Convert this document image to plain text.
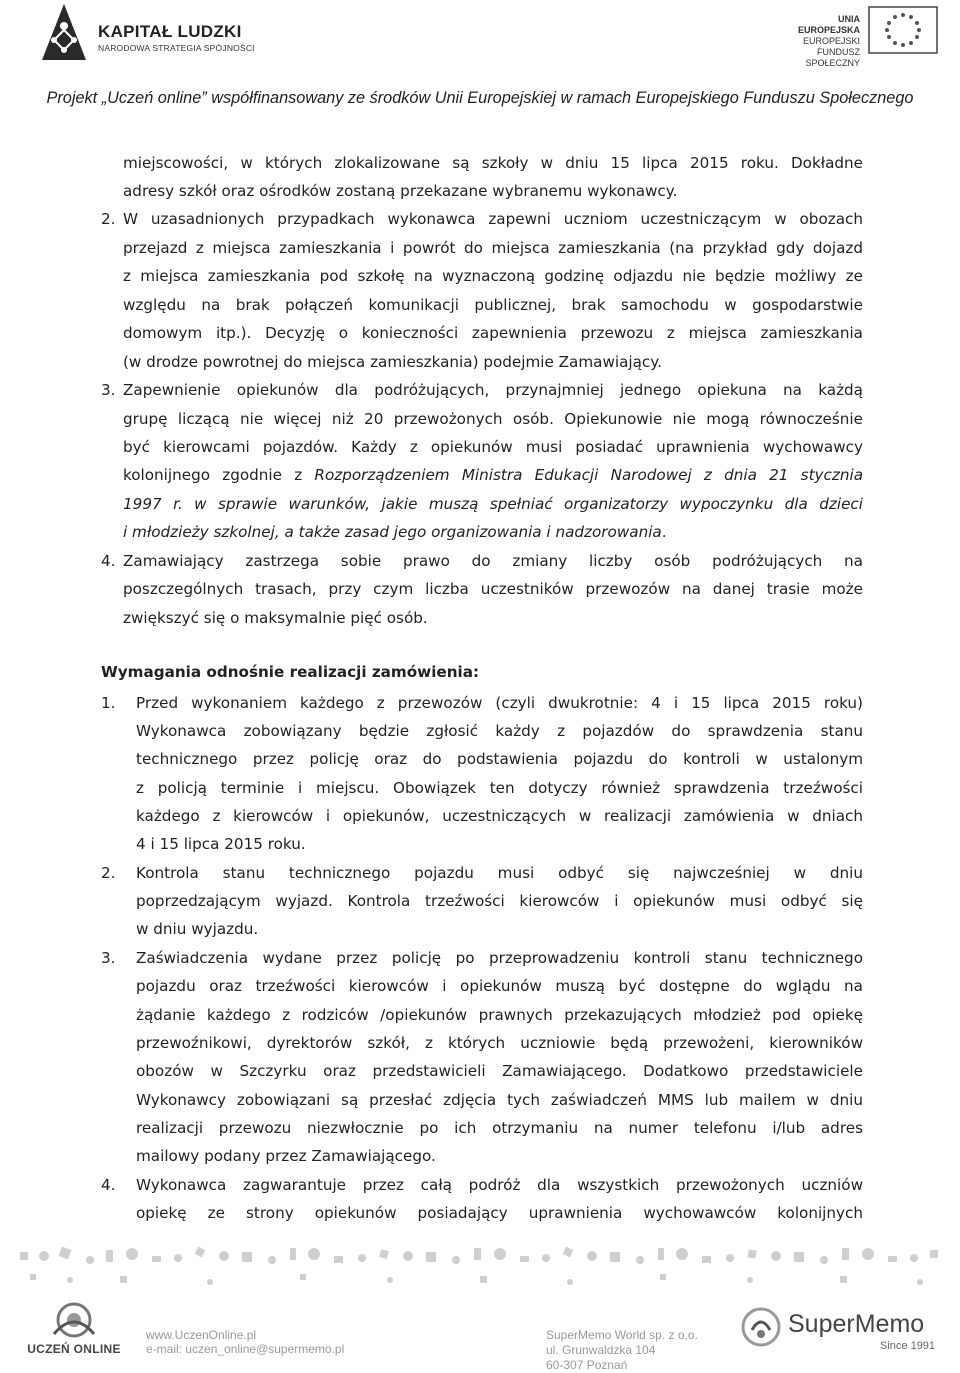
KAPITAŁ LUDZKI
NARODOWA STRATEGIA SPÓJNOŚCI
UNIA EUROPEJSKA
EUROPEJSKI
FUNDUSZ SPOŁECZNY
Projekt „Uczeń online” współfinansowany ze środków Unii Europejskiej w ramach Europejskiego Funduszu Społecznego
miejscowości, w których zlokalizowane są szkoły w dniu 15 lipca 2015 roku. Dokładne
adresy szkół oraz ośrodków zostaną przekazane wybranemu wykonawcy.
2. W uzasadnionych przypadkach wykonawca zapewni uczniom uczestniczącym w obozach
przejazd z miejsca zamieszkania i powrót do miejsca zamieszkania (na przykład gdy dojazd
z miejsca zamieszkania pod szkołę na wyznaczoną godzinę odjazdu nie będzie możliwy ze
względu na brak połączeń komunikacji publicznej, brak samochodu w gospodarstwie
domowym itp.). Decyzję o konieczności zapewnienia przewozu z miejsca zamieszkania
(w drodze powrotnej do miejsca zamieszkania) podejmie Zamawiający.
3. Zapewnienie opiekunów dla podróżujących, przynajmniej jednego opiekuna na każdą
grupę liczącą nie więcej niż 20 przewożonych osób. Opiekunowie nie mogą równocześnie
być kierowcami pojazdów. Każdy z opiekunów musi posiadać uprawnienia wychowawcy
kolonijnego zgodnie z Rozporządzeniem Ministra Edukacji Narodowej z dnia 21 stycznia
1997 r. w sprawie warunków, jakie muszą spełniać organizatorzy wypoczynku dla dzieci
i młodzieży szkolnej, a także zasad jego organizowania i nadzorowania.
4. Zamawiający zastrzega sobie prawo do zmiany liczby osób podróżujących na
poszczególnych trasach, przy czym liczba uczestników przewozów na danej trasie może
zwiększyć się o maksymalnie pięć osób.
Wymagania odnośnie realizacji zamówienia:
1.	Przed wykonaniem każdego z przewozów (czyli dwukrotnie: 4 i 15 lipca 2015 roku)
Wykonawca zobowiązany będzie zgłosić każdy z pojazdów do sprawdzenia stanu
technicznego przez policję oraz do podstawienia pojazdu do kontroli w ustalonym
z policją terminie i miejscu. Obowiązek ten dotyczy również sprawdzenia trzeźwości
każdego z kierowców i opiekunów, uczestniczących w realizacji zamówienia w dniach
4 i 15 lipca 2015 roku.
2.	Kontrola stanu technicznego pojazdu musi odbyć się najwcześniej w dniu
poprzedzającym wyjazd. Kontrola trzeźwości kierowców i opiekunów musi odbyć się
w dniu wyjazdu.
3.	Zaświadczenia wydane przez policję po przeprowadzeniu kontroli stanu technicznego
pojazdu oraz trzeźwości kierowców i opiekunów muszą być dostępne do wglądu na
żądanie każdego z rodziców /opiekunów prawnych przekazujących młodzież pod opiekę
przewoźnikowi, dyrektorów szkół, z których uczniowie będą przewożeni, kierowników
obozów w Szczyrku oraz przedstawicieli Zamawiającego. Dodatkowo przedstawiciele
Wykonawcy zobowiązani są przesłać zdjęcia tych zaświadczeń MMS lub mailem w dniu
realizacji przewozu niezwłocznie po ich otrzymaniu na numer telefonu i/lub adres
mailowy podany przez Zamawiającego.
4.	Wykonawca zagwarantuje przez całą podróż dla wszystkich przewożonych uczniów
opiekę ze strony opiekunów posiadający uprawnienia wychowawców kolonijnych
UCZEŃ ONLINE
www.UczenOnline.pl
e-mail: uczen_online@supermemo.pl
SuperMemo World sp. z o.o.
ul. Grunwaldzka 104
60-307 Poznań
SuperMemo
Since 1991
